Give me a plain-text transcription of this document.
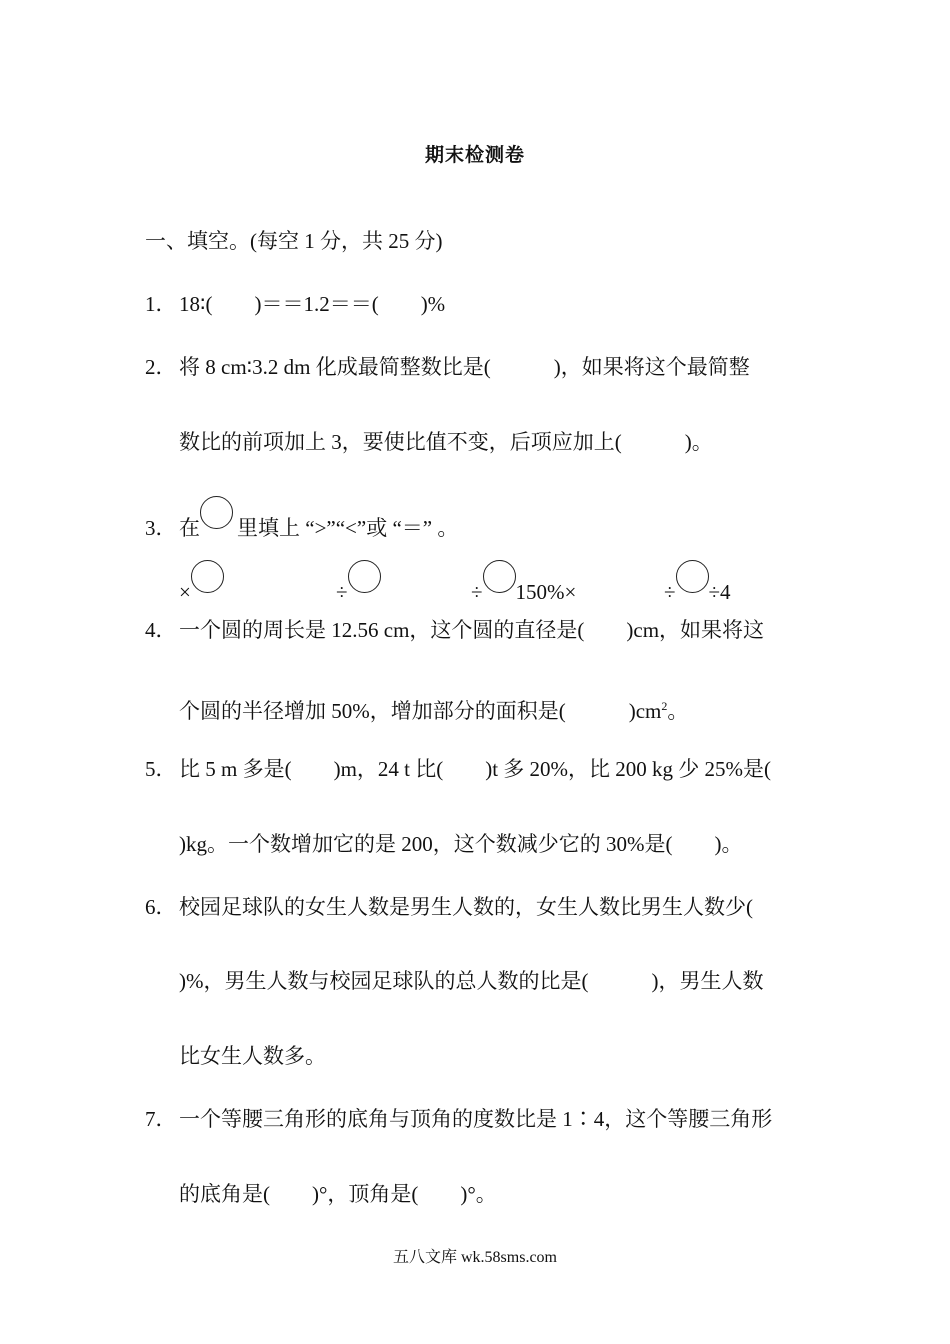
期末检测卷
一、填空。(每空 1 分，共 25 分)
1． 18∶(　　)＝＝1.2＝＝(　　)%
2． 将 8 cm∶3.2 dm 化成最简整数比是(　　　)，如果将这个最简整
数比的前项加上 3，要使比值不变，后项应加上(　　　)。
3． 在 里填上 “>”“<”或 “＝” 。
×	÷	÷ 150%×	÷ ÷4
4． 一个圆的周长是 12.56 cm，这个圆的直径是(　　)cm，如果将这
个圆的半径增加 50%，增加部分的面积是(　　　)$cm^2$。
5． 比 5 m 多是(　　)m，24 t 比(　　)t 多 20%，比 200 kg 少 25%是(
)kg。一个数增加它的是 200，这个数减少它的 30%是(　　)。
6． 校园足球队的女生人数是男生人数的，女生人数比男生人数少(
)%，男生人数与校园足球队的总人数的比是(　　　)，男生人数
比女生人数多。
7． 一个等腰三角形的底角与顶角的度数比是 1∶4，这个等腰三角形
的底角是(　　)°，顶角是(　　)°。
五八文库 wk.58sms.com
